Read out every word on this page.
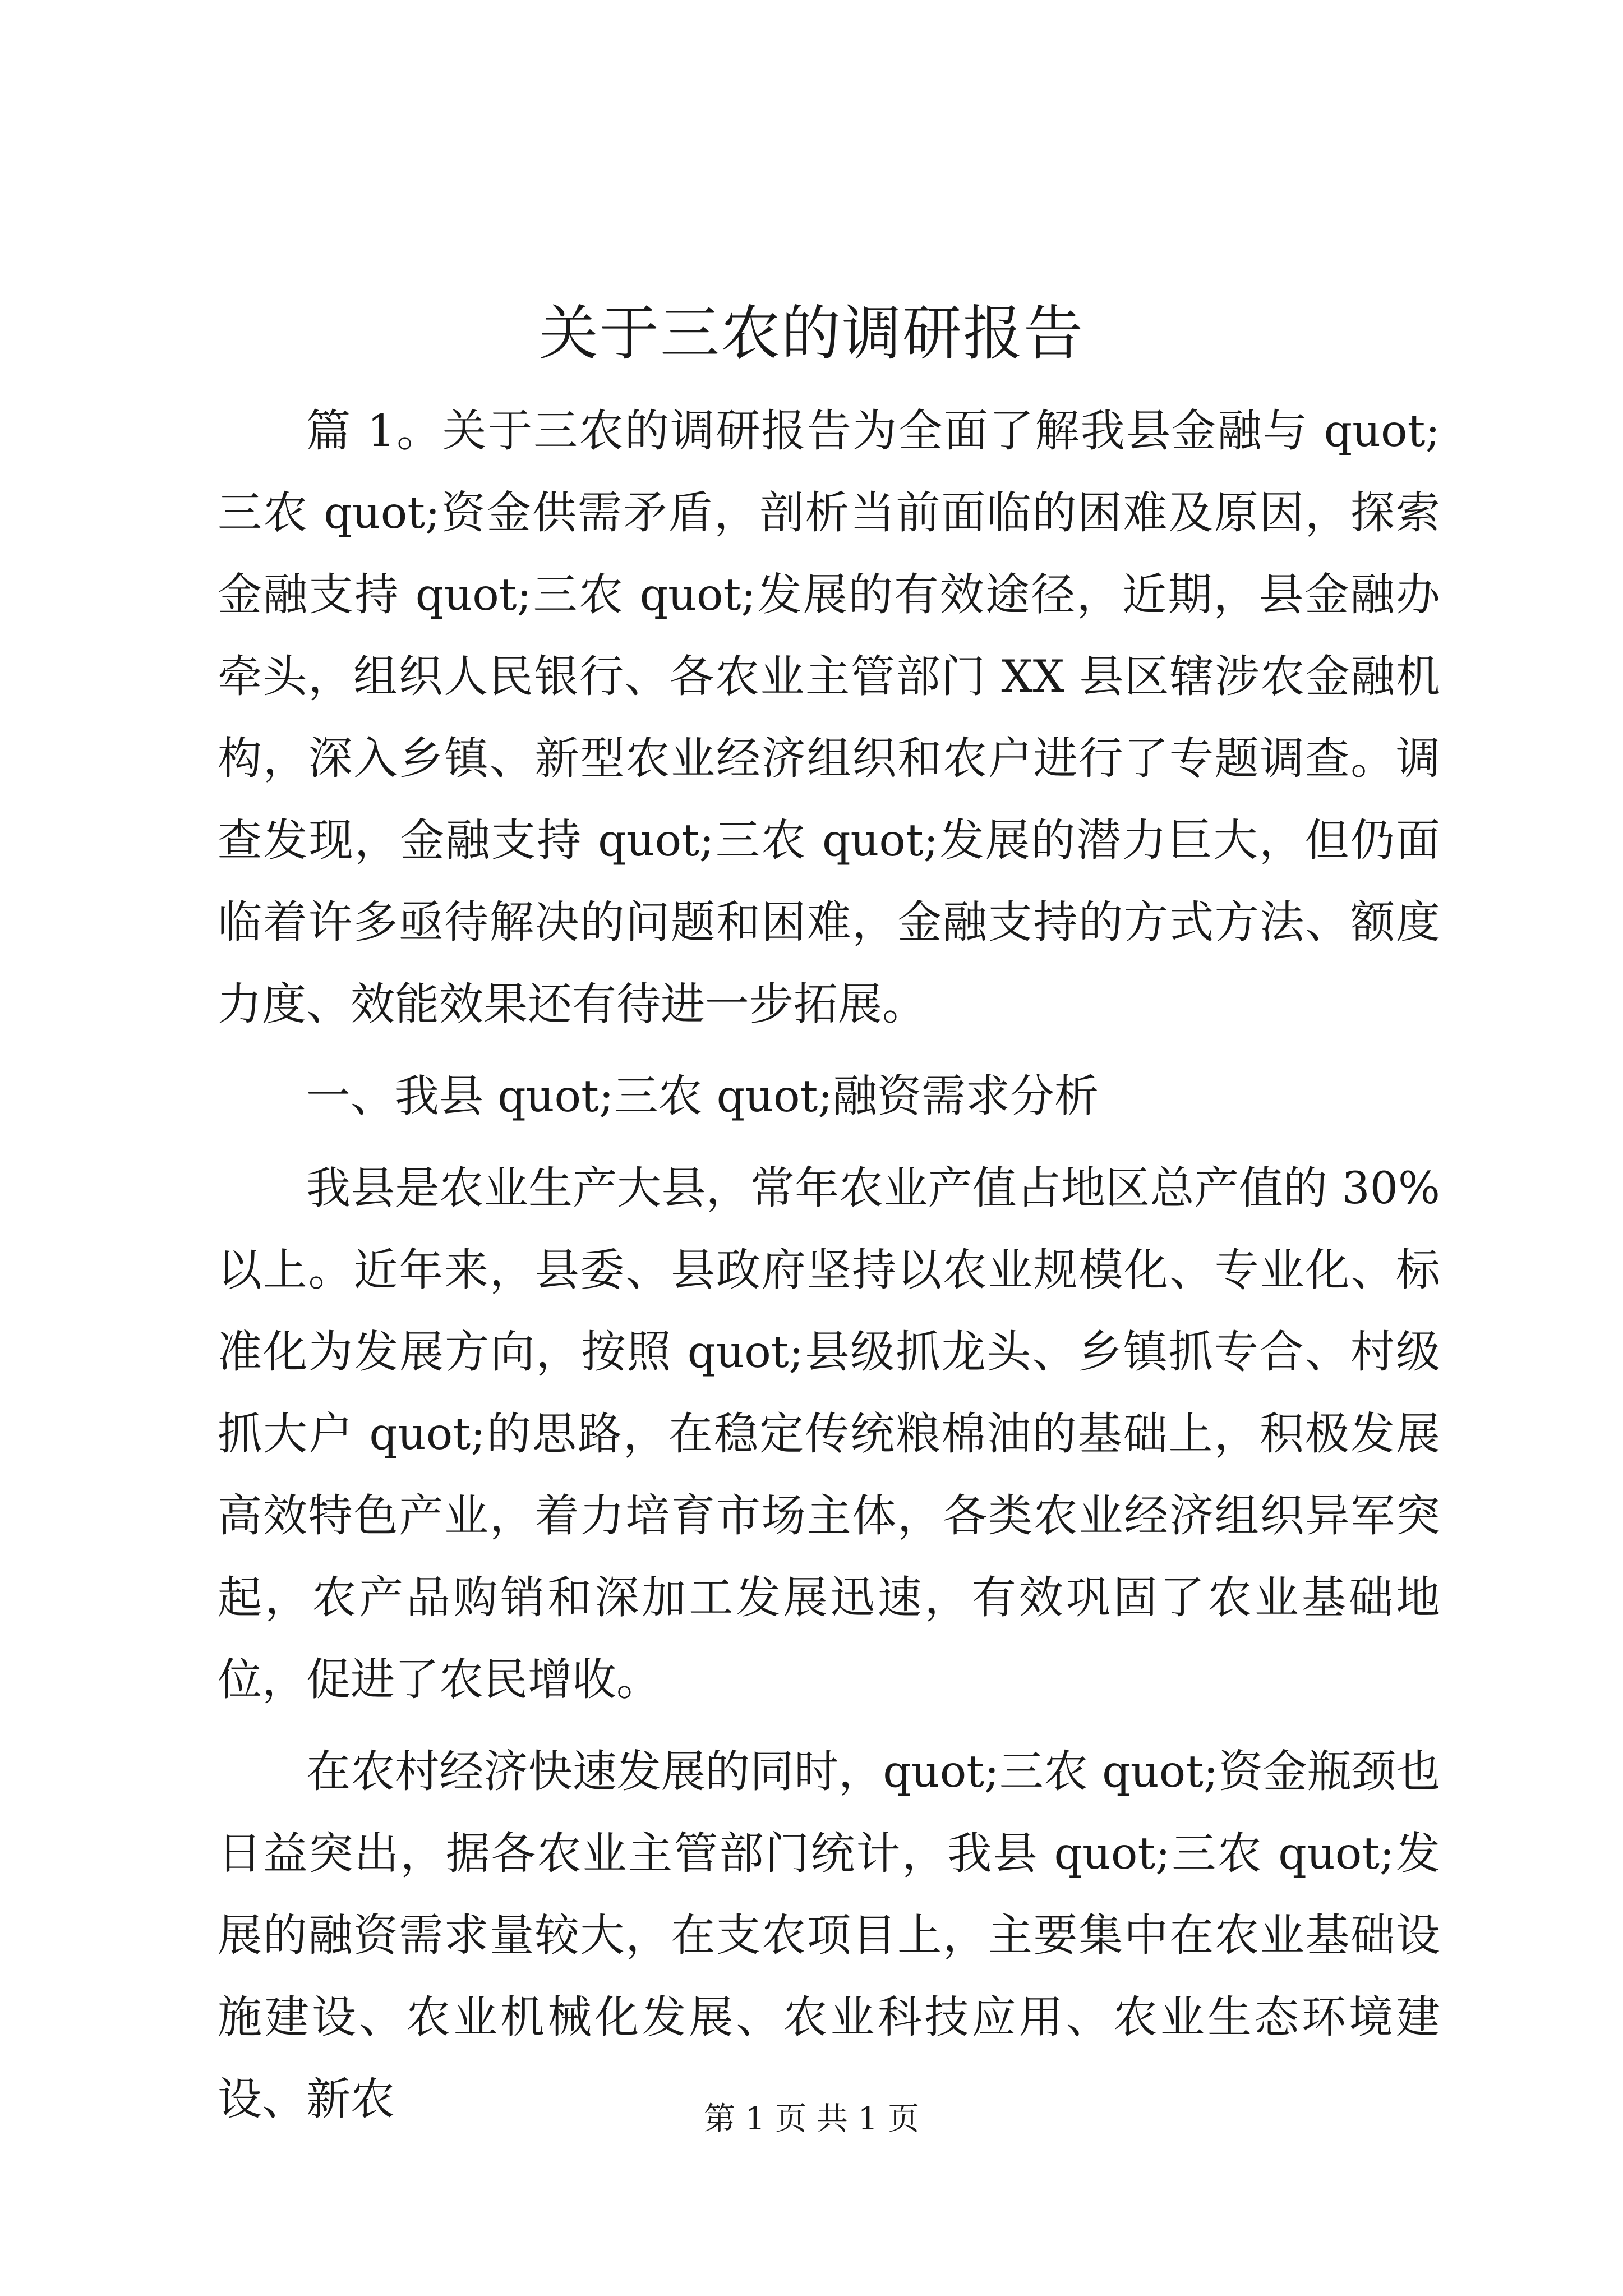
关于三农的调研报告

篇 1。关于三农的调研报告为全面了解我县金融与 quot;三农 quot;资金供需矛盾，剖析当前面临的困难及原因，探索金融支持 quot;三农 quot;发展的有效途径，近期，县金融办牵头，组织人民银行、各农业主管部门 XX 县区辖涉农金融机构，深入乡镇、新型农业经济组织和农户进行了专题调查。调查发现，金融支持 quot;三农 quot;发展的潜力巨大，但仍面临着许多亟待解决的问题和困难，金融支持的方式方法、额度力度、效能效果还有待进一步拓展。

一、我县 quot;三农 quot;融资需求分析

我县是农业生产大县，常年农业产值占地区总产值的 30%以上。近年来，县委、县政府坚持以农业规模化、专业化、标准化为发展方向，按照 quot;县级抓龙头、乡镇抓专合、村级抓大户 quot;的思路，在稳定传统粮棉油的基础上，积极发展高效特色产业，着力培育市场主体，各类农业经济组织异军突起，农产品购销和深加工发展迅速，有效巩固了农业基础地位，促进了农民增收。

在农村经济快速发展的同时，quot;三农 quot;资金瓶颈也日益突出，据各农业主管部门统计，我县 quot;三农 quot;发展的融资需求量较大，在支农项目上，主要集中在农业基础设施建设、农业机械化发展、农业科技应用、农业生态环境建设、新农	第 1 页 共 1 页
